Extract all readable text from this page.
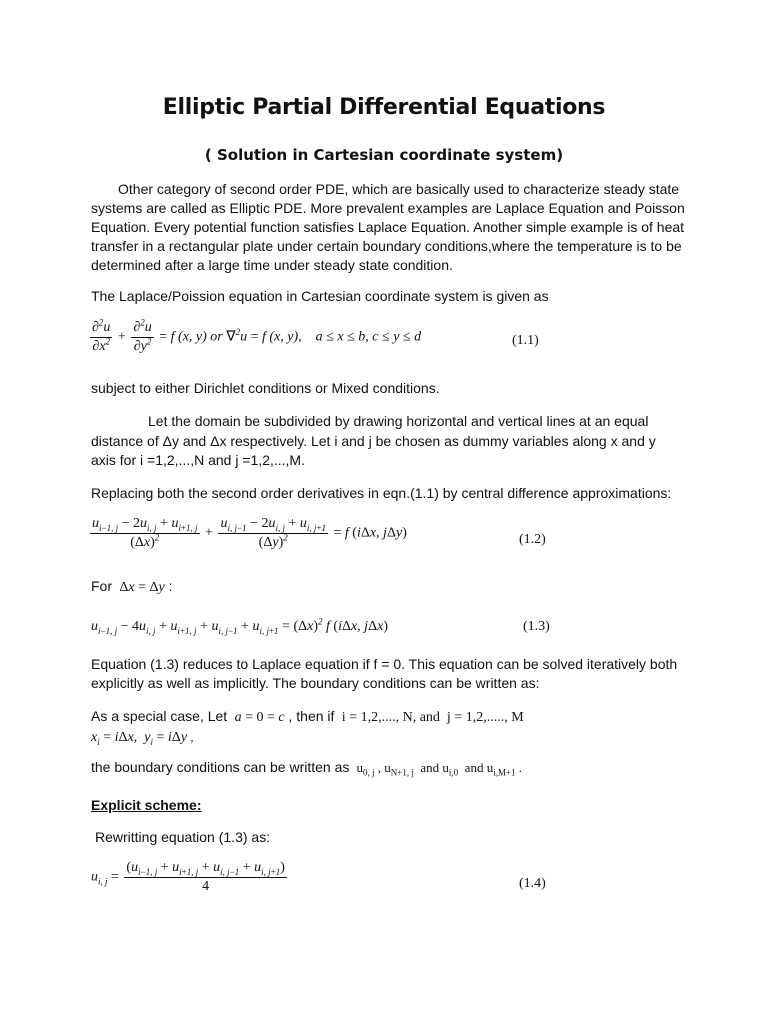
Elliptic Partial Differential Equations
( Solution in Cartesian coordinate system)
Other category of second order PDE, which are basically used to characterize steady state
systems are called as Elliptic PDE. More prevalent examples are Laplace Equation and Poisson
Equation. Every potential function satisfies Laplace Equation. Another simple example is of heat
transfer in a rectangular plate under certain boundary conditions,where the temperature is to be
determined after a large time under steady state condition.
The Laplace/Poission equation in Cartesian coordinate system is given as
$\frac{\partial^2u}{\partial x^2} + \frac{\partial^2u}{\partial y^2} = f$ (x, y) or ∇$^2$u = f (x, y),    a ≤ x ≤ b, c ≤ y ≤ d	(1.1)
subject to either Dirichlet conditions or Mixed conditions.
Let the domain be subdivided by drawing horizontal and vertical lines at an equal
distance of Δy and Δx respectively. Let i and j be chosen as dummy variables along x and y
axis for i =1,2,...,N and j =1,2,...,M.
Replacing both the second order derivatives in eqn.(1.1) by central difference approximations:
$\frac{u_{i-1, j} - 2u_{i, j} + u_{i+1, j}}{(\Delta x)^2} + \frac{u_{i, j-1} - 2u_{i, j} + u_{i, j+1}}{(\Delta y)^2} = f$ (iΔx, jΔy)	(1.2)
For Δx = Δy :
$u_{i-1, j} - 4u_{i, j} + u_{i+1, j} + u_{i, j-1} + u_{i, j+1} = (\Delta x)^2$ f (iΔx, jΔx)	(1.3)
Equation (1.3) reduces to Laplace equation if f = 0. This equation can be solved iteratively both
explicitly as well as implicitly. The boundary conditions can be written as:
As a special case, Let  a = 0 = c , then if  i = 1,2,...., N, and  j = 1,2,....., M
$x_i = i\Delta x$,  $y_i = i\Delta y$ ,
the boundary conditions can be written as  $u_{0, j}$ , $u_{N+1, j}$  and $u_{i,0}$  and $u_{i,M+1}$ .
Explicit scheme:
Rewritting equation (1.3) as:
$u_{i, j} = \frac{(u_{i-1, j} + u_{i+1, j} + u_{i, j-1} + u_{i, j+1})}{4}$	(1.4)
